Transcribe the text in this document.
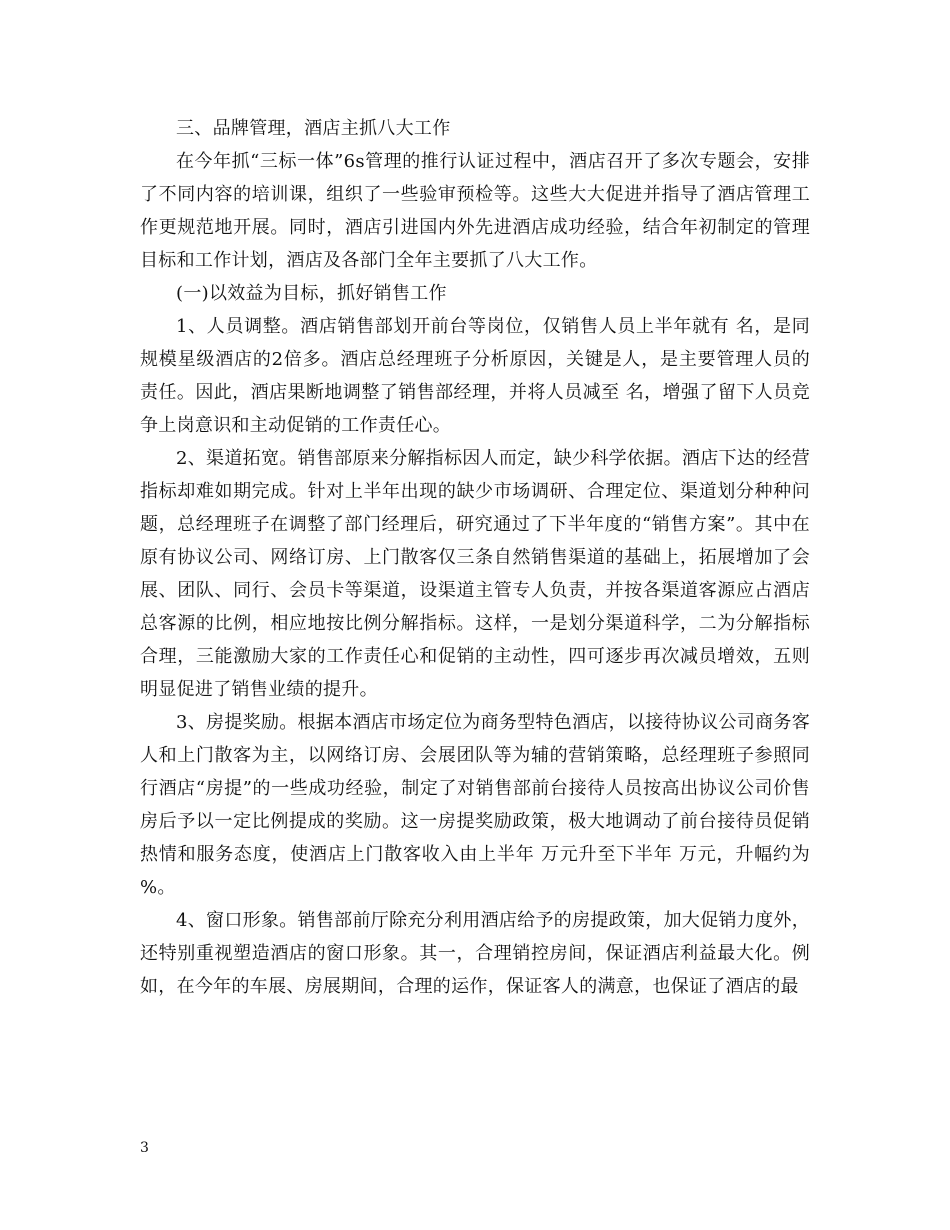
三、品牌管理，酒店主抓八大工作

在今年抓“三标一体”6s管理的推行认证过程中，酒店召开了多次专题会，安排了不同内容的培训课，组织了一些验审预检等。这些大大促进并指导了酒店管理工作更规范地开展。同时，酒店引进国内外先进酒店成功经验，结合年初制定的管理目标和工作计划，酒店及各部门全年主要抓了八大工作。

(一)以效益为目标，抓好销售工作

1、人员调整。酒店销售部划开前台等岗位，仅销售人员上半年就有 名，是同规模星级酒店的2倍多。酒店总经理班子分析原因，关键是人，是主要管理人员的责任。因此，酒店果断地调整了销售部经理，并将人员减至 名，增强了留下人员竞争上岗意识和主动促销的工作责任心。

2、渠道拓宽。销售部原来分解指标因人而定，缺少科学依据。酒店下达的经营指标却难如期完成。针对上半年出现的缺少市场调研、合理定位、渠道划分种种问题，总经理班子在调整了部门经理后，研究通过了下半年度的“销售方案”。其中在原有协议公司、网络订房、上门散客仅三条自然销售渠道的基础上，拓展增加了会展、团队、同行、会员卡等渠道，设渠道主管专人负责，并按各渠道客源应占酒店总客源的比例，相应地按比例分解指标。这样，一是划分渠道科学，二为分解指标合理，三能激励大家的工作责任心和促销的主动性，四可逐步再次减员增效，五则明显促进了销售业绩的提升。

3、房提奖励。根据本酒店市场定位为商务型特色酒店，以接待协议公司商务客人和上门散客为主，以网络订房、会展团队等为辅的营销策略，总经理班子参照同行酒店“房提”的一些成功经验，制定了对销售部前台接待人员按高出协议公司价售房后予以一定比例提成的奖励。这一房提奖励政策，极大地调动了前台接待员促销热情和服务态度，使酒店上门散客收入由上半年 万元升至下半年 万元，升幅约为 %。

4、窗口形象。销售部前厅除充分利用酒店给予的房提政策，加大促销力度外，还特别重视塑造酒店的窗口形象。其一，合理销控房间，保证酒店利益最大化。例如，在今年的车展、房展期间，合理的运作，保证客人的满意，也保证了酒店的最

3
